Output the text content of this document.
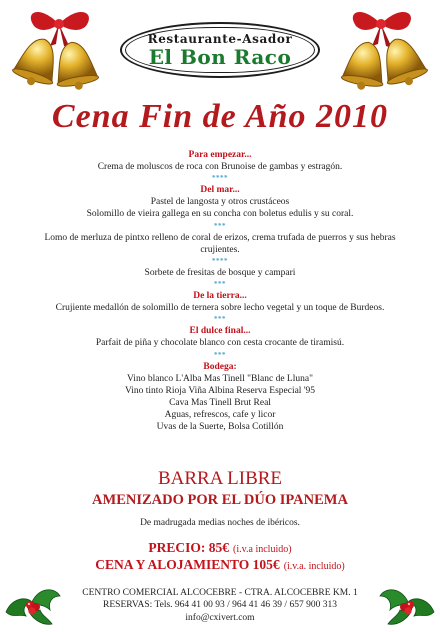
Restaurante-Asador
El Bon Raco
Cena Fin de Año 2010
Para empezar...
Crema de moluscos de roca con Brunoise de gambas y estragón.
****
Del mar...
Pastel de langosta y otros crustáceos
Solomillo de vieira gallega en su concha con boletus edulis y su coral.
***
Lomo de merluza de pintxo relleno de coral de erizos, crema trufada de puerros y sus hebras crujientes.
****
Sorbete de fresitas de bosque y campari
***
De la tierra...
Crujiente medallón de solomillo de ternera sobre lecho vegetal y un toque de Burdeos.
***
El dulce final...
Parfait de piña y chocolate blanco con cesta crocante de tiramisú.
***
Bodega:
Vino blanco L'Alba Mas Tinell "Blanc de Lluna"
Vino tinto Rioja Viña Albina Reserva Especial '95
Cava Mas Tinell Brut Real
Aguas, refrescos, cafe y licor
Uvas de la Suerte, Bolsa Cotillón
BARRA LIBRE
AMENIZADO POR EL DÚO IPANEMA
De madrugada medias noches de ibéricos.
PRECIO: 85€ (i.v.a incluido)
CENA Y ALOJAMIENTO 105€ (i.v.a. incluido)
CENTRO COMERCIAL ALCOCEBRE - CTRA. ALCOCEBRE KM. 1
RESERVAS: Tels. 964 41 00 93 / 964 41 46 39 / 657 900 313
info@cxivert.com
